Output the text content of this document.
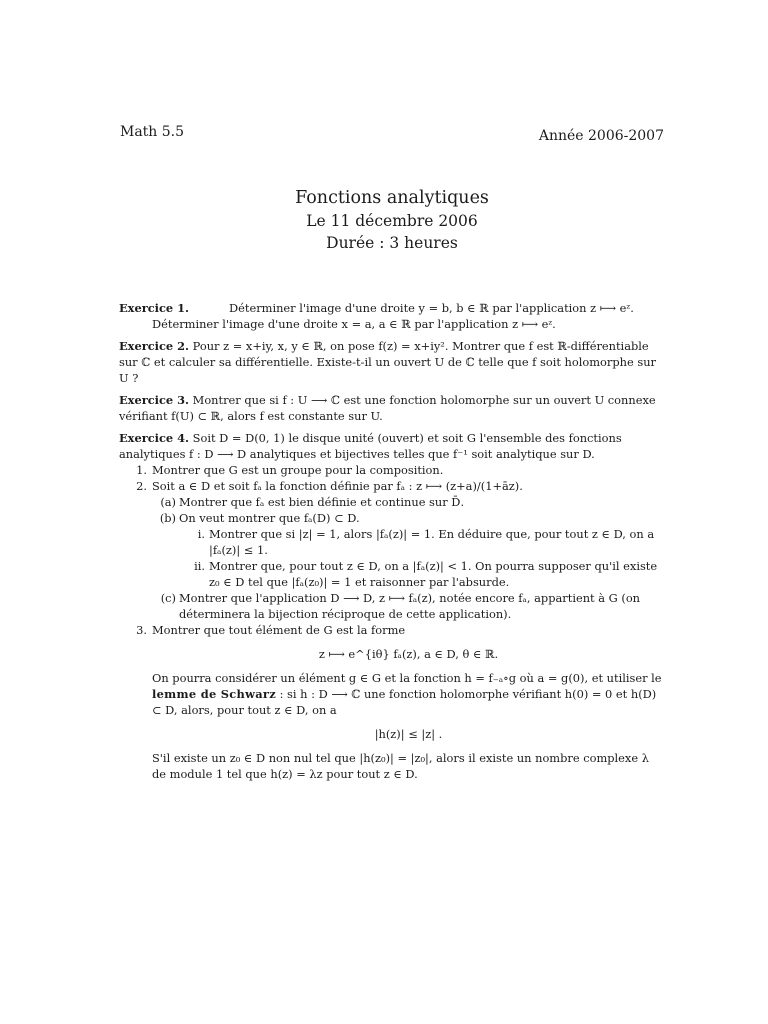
Math 5.5	Année 2006-2007
Fonctions analytiques
Le 11 décembre 2006
Durée : 3 heures

Exercice 1.	Déterminer l'image d'une droite y = b, b ∈ ℝ par l'application z ⟼ eᶻ.

Déterminer l'image d'une droite x = a, a ∈ ℝ par l'application z ⟼ eᶻ.

Exercice 2. Pour z = x+iy, x, y ∈ ℝ, on pose f(z) = x+iy². Montrer que f est ℝ-différentiable sur ℂ et calculer sa différentielle. Existe-t-il un ouvert U de ℂ telle que f soit holomorphe sur U ?

Exercice 3. Montrer que si f : U ⟶ ℂ est une fonction holomorphe sur un ouvert U connexe vérifiant f(U) ⊂ ℝ, alors f est constante sur U.

Exercice 4. Soit D = D(0, 1) le disque unité (ouvert) et soit G l'ensemble des fonctions analytiques f : D ⟶ D analytiques et bijectives telles que f⁻¹ soit analytique sur D.

1. Montrer que G est un groupe pour la composition.
2. Soit a ∈ D et soit fₐ la fonction définie par fₐ : z ⟼ (z+a)/(1+āz).
(a) Montrer que fₐ est bien définie et continue sur D̄.
(b) On veut montrer que fₐ(D) ⊂ D.
i. Montrer que si |z| = 1, alors |fₐ(z)| = 1. En déduire que, pour tout z ∈ D, on a |fₐ(z)| ≤ 1.
ii. Montrer que, pour tout z ∈ D, on a |fₐ(z)| < 1. On pourra supposer qu'il existe z₀ ∈ D tel que |fₐ(z₀)| = 1 et raisonner par l'absurde.
(c) Montrer que l'application D ⟶ D, z ⟼ fₐ(z), notée encore fₐ, appartient à G (on déterminera la bijection réciproque de cette application).
3. Montrer que tout élément de G est la forme
z ⟼ e^{iθ} fₐ(z), a ∈ D, θ ∈ ℝ.

On pourra considérer un élément g ∈ G et la fonction h = f₋ₐ∘g où a = g(0), et utiliser le lemme de Schwarz : si h : D ⟶ ℂ une fonction holomorphe vérifiant h(0) = 0 et h(D) ⊂ D, alors, pour tout z ∈ D, on a

|h(z)| ≤ |z| .

S'il existe un z₀ ∈ D non nul tel que |h(z₀)| = |z₀|, alors il existe un nombre complexe λ de module 1 tel que h(z) = λz pour tout z ∈ D.
